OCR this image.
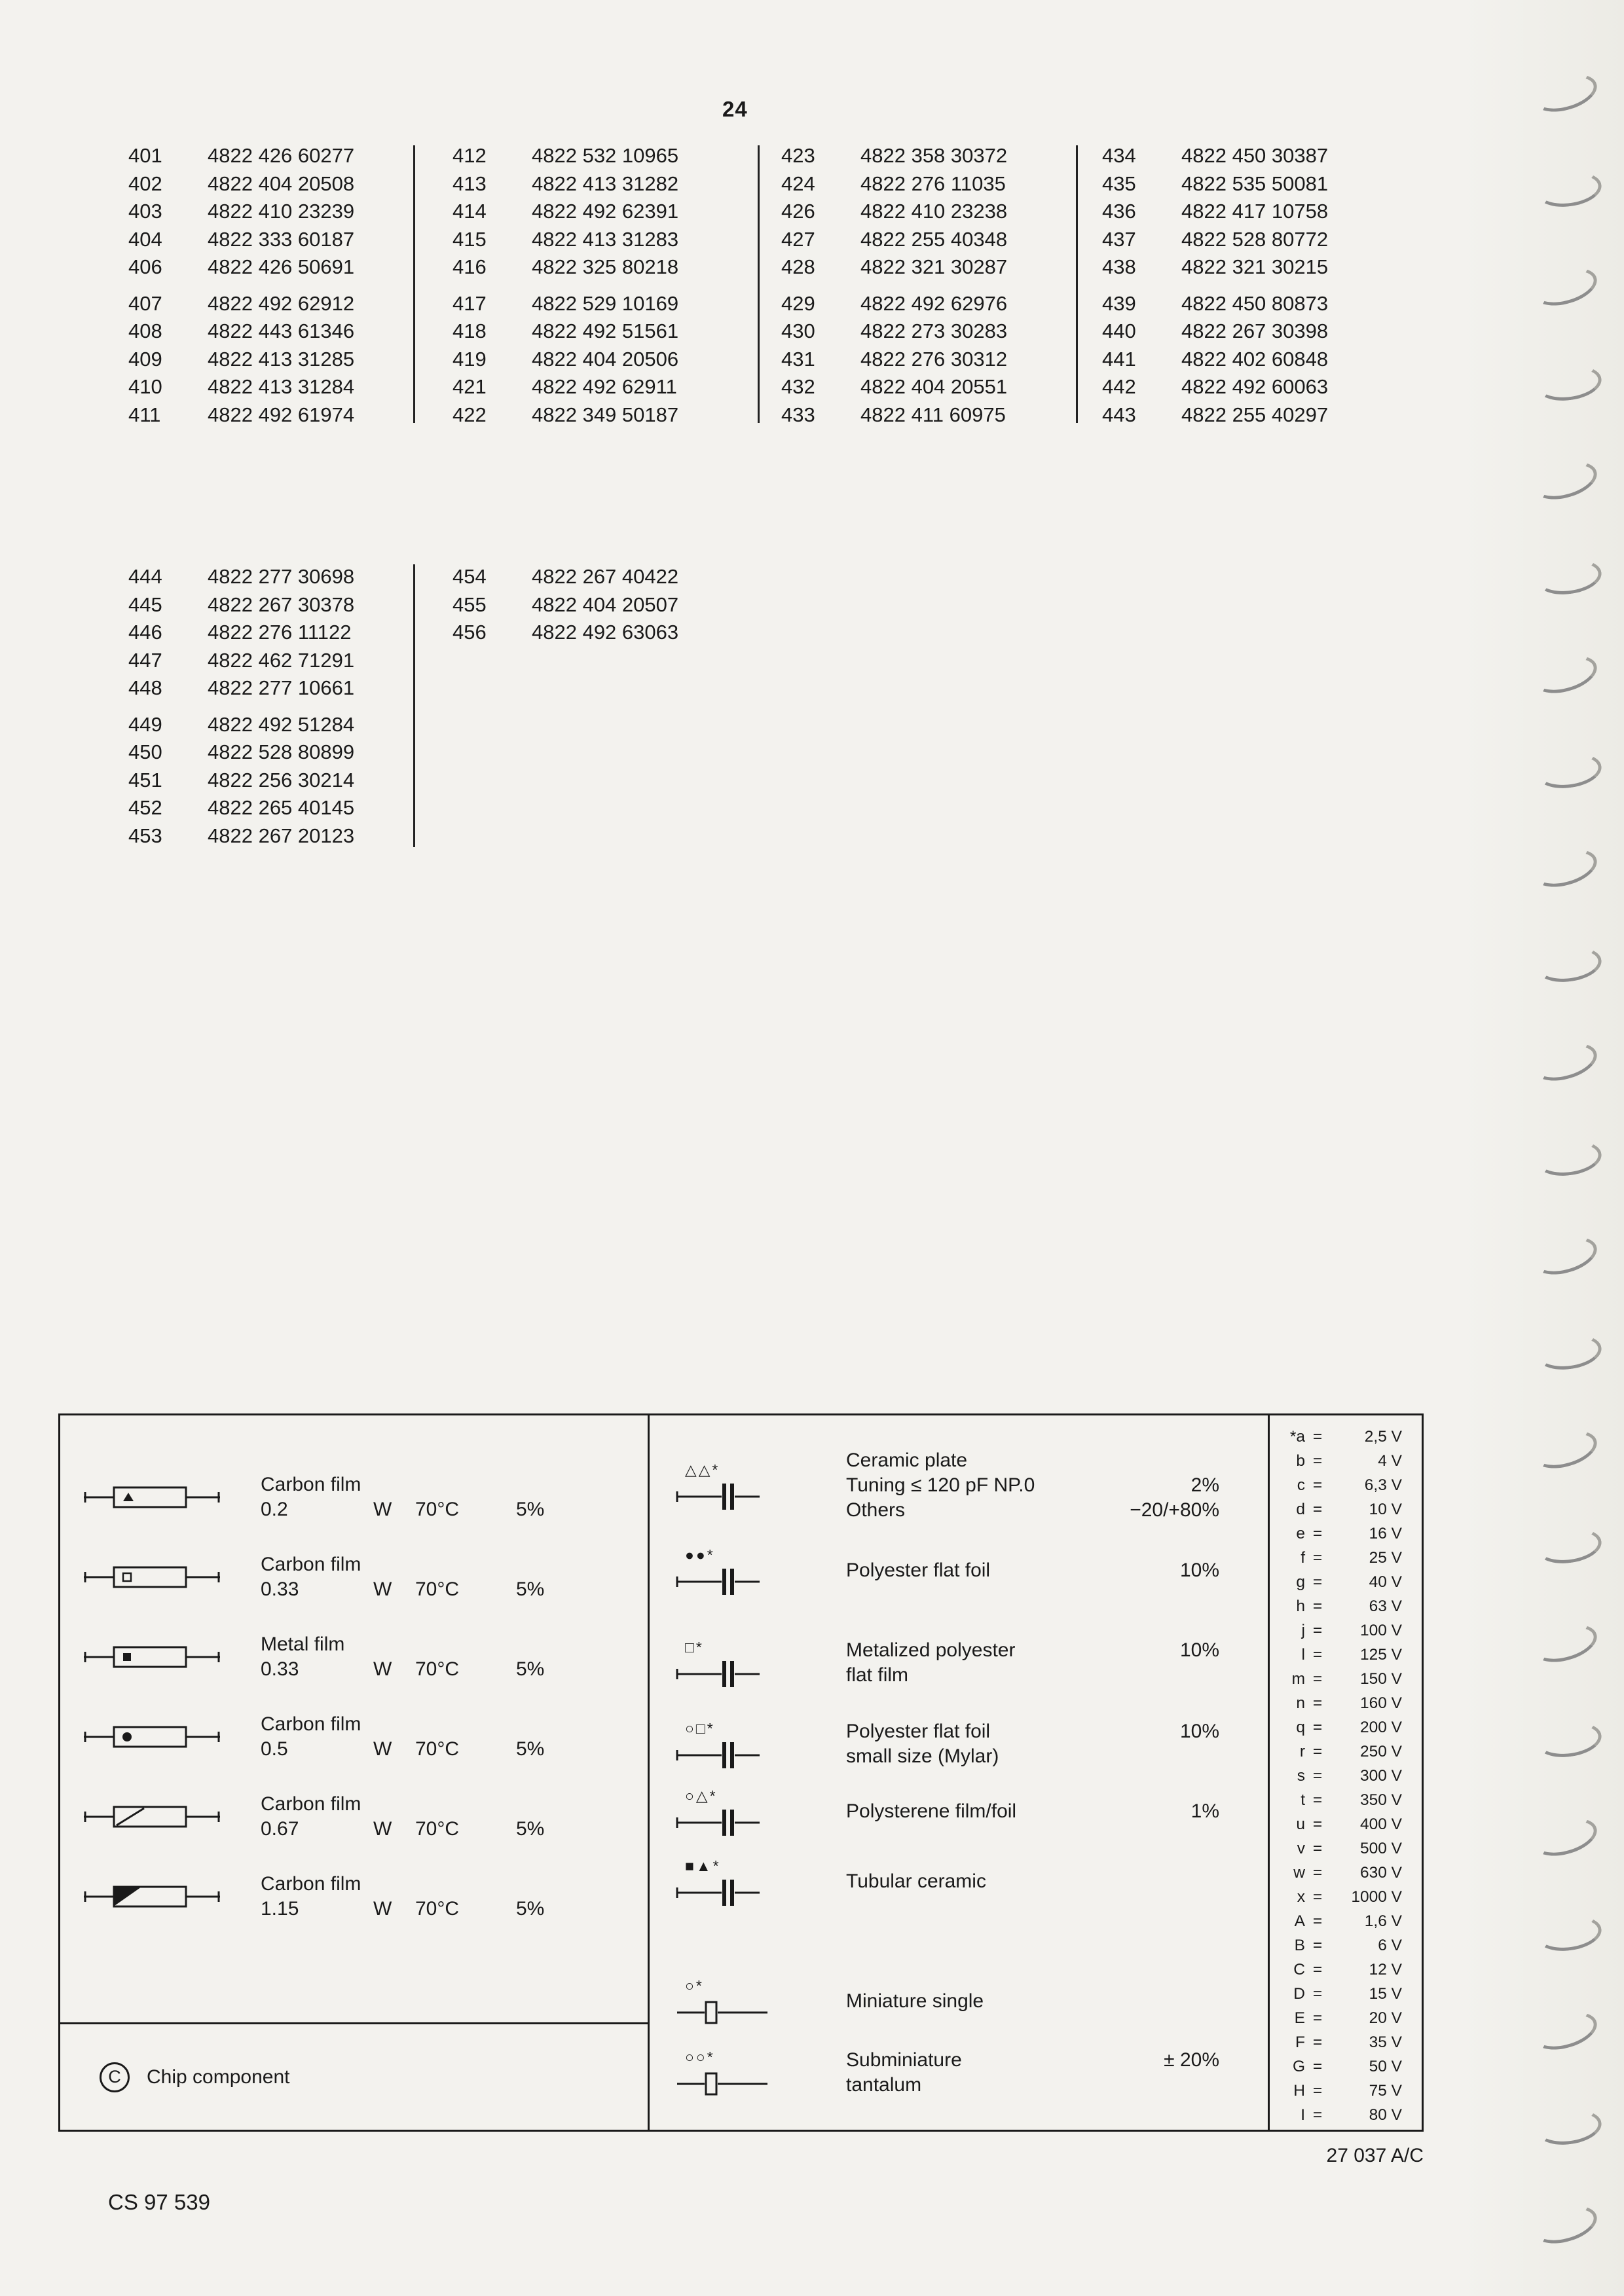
24
401	4822 426 60277
402	4822 404 20508
403	4822 410 23239
404	4822 333 60187
406	4822 426 50691
407	4822 492 62912
408	4822 443 61346
409	4822 413 31285
410	4822 413 31284
411	4822 492 61974
412	4822 532 10965
413	4822 413 31282
414	4822 492 62391
415	4822 413 31283
416	4822 325 80218
417	4822 529 10169
418	4822 492 51561
419	4822 404 20506
421	4822 492 62911
422	4822 349 50187
423	4822 358 30372
424	4822 276 11035
426	4822 410 23238
427	4822 255 40348
428	4822 321 30287
429	4822 492 62976
430	4822 273 30283
431	4822 276 30312
432	4822 404 20551
433	4822 411 60975
434	4822 450 30387
435	4822 535 50081
436	4822 417 10758
437	4822 528 80772
438	4822 321 30215
439	4822 450 80873
440	4822 267 30398
441	4822 402 60848
442	4822 492 60063
443	4822 255 40297
444	4822 277 30698
445	4822 267 30378
446	4822 276 11122
447	4822 462 71291
448	4822 277 10661
449	4822 492 51284
450	4822 528 80899
451	4822 256 30214
452	4822 265 40145
453	4822 267 20123
454	4822 267 40422
455	4822 404 20507
456	4822 492 63063
Carbon film
0.2	W	70°C	5%
Carbon film
0.33	W	70°C	5%
Metal film
0.33	W	70°C	5%
Carbon film
0.5	W	70°C	5%
Carbon film
0.67	W	70°C	5%
Carbon film
1.15	W	70°C	5%
C	Chip component
△△*	Ceramic plate
Tuning ≤ 120 pF NP.0	2%
Others	−20/+80%
●●*
Polyester flat foil	10%
□*	Metalized polyester	10%
flat film
○□*	Polyester flat foil	10%
small size (Mylar)
○△*
Polysterene film/foil	1%
■▲*
Tubular ceramic
○*
Miniature single
○○*	Subminiature	± 20%
tantalum
*a =	2,5 V
b =	4 V
c =	6,3 V
d =	10 V
e =	16 V
f =	25 V
g =	40 V
h =	63 V
j =	100 V
l =	125 V
m =	150 V
n =	160 V
q =	200 V
r =	250 V
s =	300 V
t =	350 V
u =	400 V
v =	500 V
w =	630 V
x =	1000 V
A =	1,6 V
B =	6 V
C =	12 V
D =	15 V
E =	20 V
F =	35 V
G =	50 V
H =	75 V
I =	80 V
27 037 A/C
CS 97 539
